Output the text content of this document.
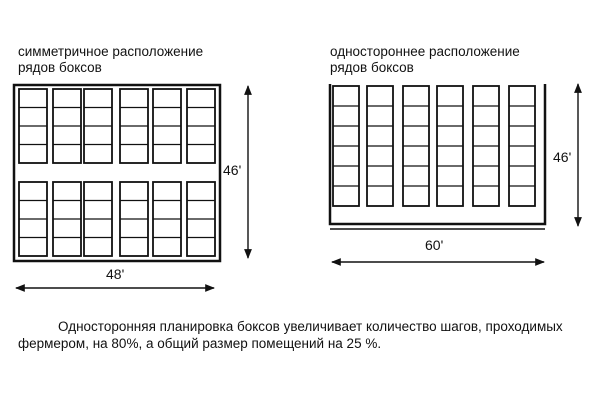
симметричное расположение
рядов боксов
одностороннее расположение
рядов боксов
46'
48'
46'
60'
Односторонняя планировка боксов увеличивает количество шагов, проходимых
фермером, на 80%, а общий размер помещений на 25 %.
